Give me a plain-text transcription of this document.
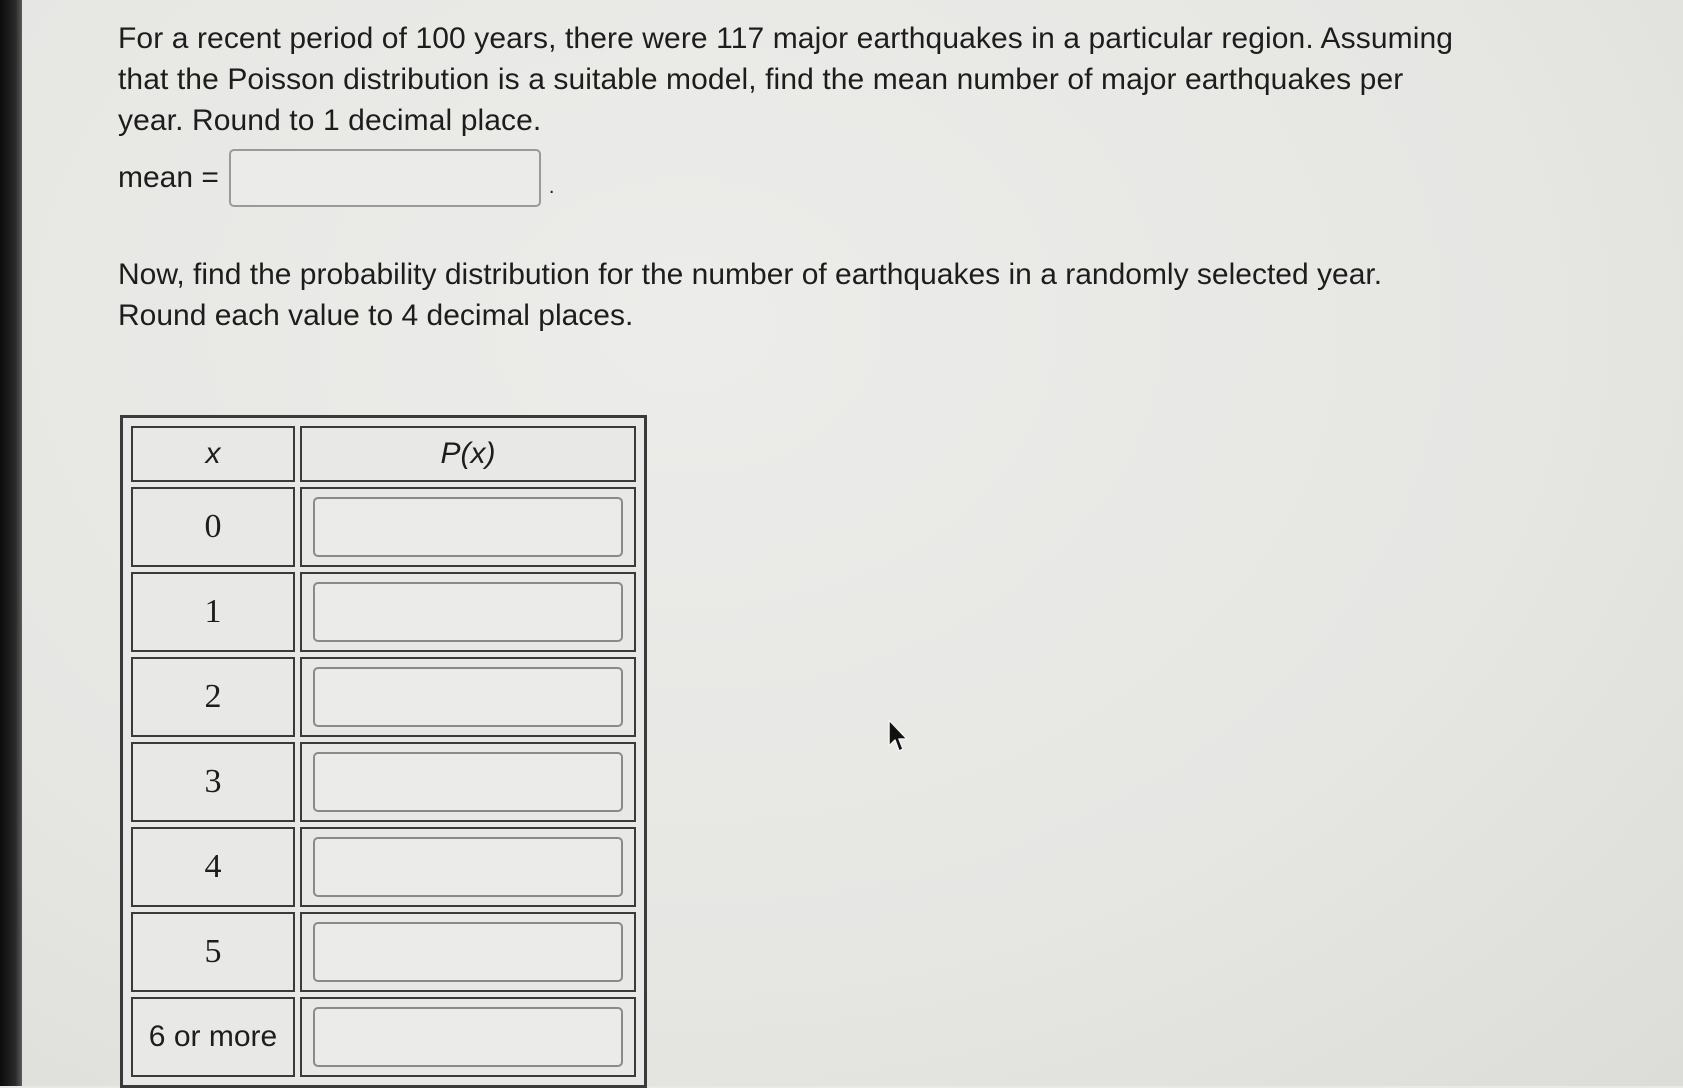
For a recent period of 100 years, there were 117 major earthquakes in a particular region. Assuming

that the Poisson distribution is a suitable model, find the mean number of major earthquakes per

year. Round to 1 decimal place.

mean =	.

Now, find the probability distribution for the number of earthquakes in a randomly selected year.

Round each value to 4 decimal places.

x	P(x)
0	
1	
2	
3	
4	
5	
6 or more	
